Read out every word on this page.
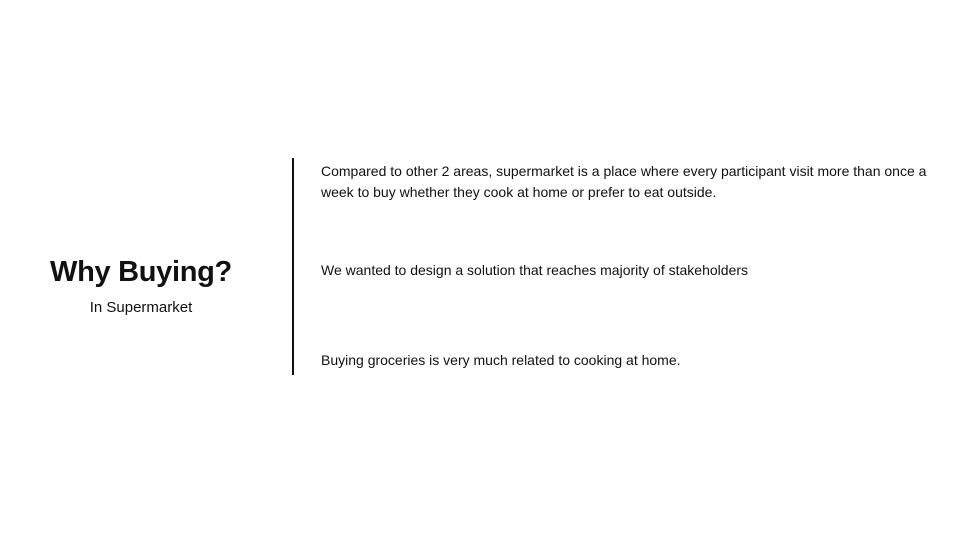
Why Buying?
In Supermarket

Compared to other 2 areas, supermarket is a place where every participant visit more than once a week to buy whether they cook at home or prefer to eat outside.

We wanted to design a solution that reaches majority of stakeholders

Buying groceries is very much related to cooking at home.
